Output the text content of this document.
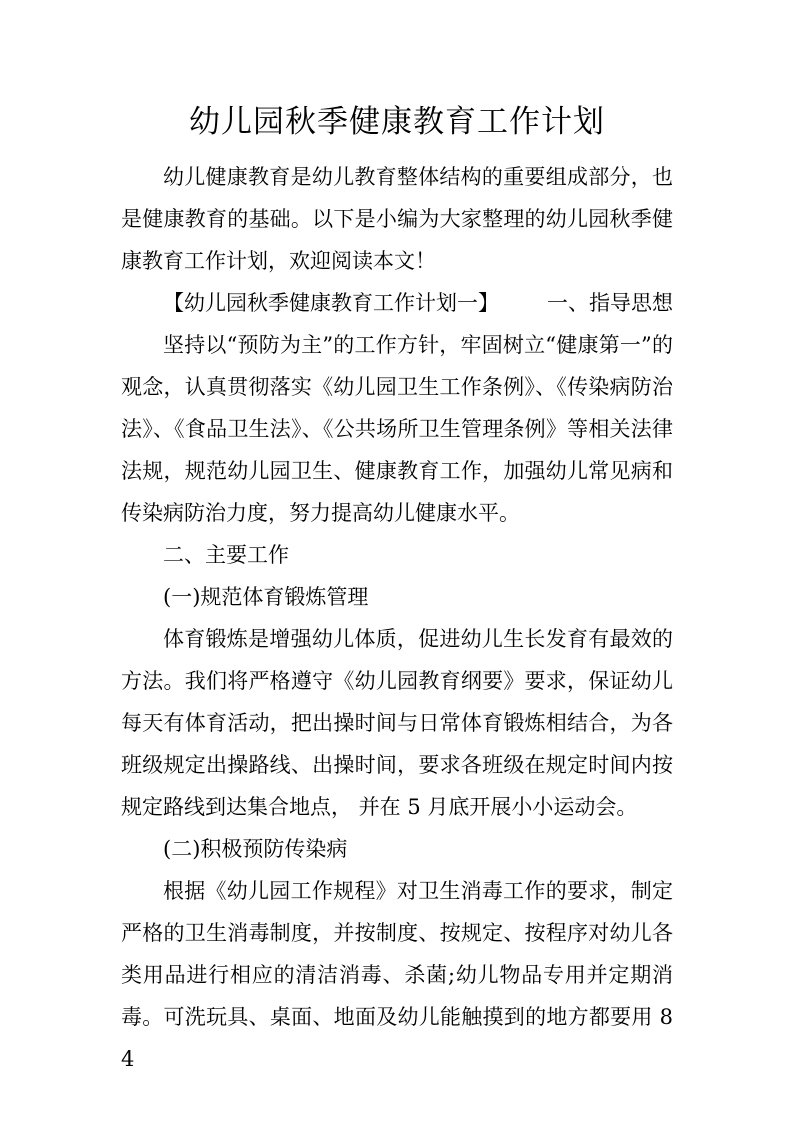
幼儿园秋季健康教育工作计划

幼儿健康教育是幼儿教育整体结构的重要组成部分，也是健康教育的基础。以下是小编为大家整理的幼儿园秋季健康教育工作计划，欢迎阅读本文！

【幼儿园秋季健康教育工作计划一】 一、指导思想

坚持以“预防为主”的工作方针，牢固树立“健康第一”的观念，认真贯彻落实《幼儿园卫生工作条例》、《传染病防治法》、《食品卫生法》、《公共场所卫生管理条例》等相关法律法规，规范幼儿园卫生、健康教育工作，加强幼儿常见病和传染病防治力度，努力提高幼儿健康水平。

二、主要工作

(一)规范体育锻炼管理

体育锻炼是增强幼儿体质，促进幼儿生长发育有最效的方法。我们将严格遵守《幼儿园教育纲要》要求，保证幼儿每天有体育活动，把出操时间与日常体育锻炼相结合，为各班级规定出操路线、出操时间，要求各班级在规定时间内按规定路线到达集合地点， 并在 5 月底开展小小运动会。

(二)积极预防传染病

根据《幼儿园工作规程》对卫生消毒工作的要求，制定严格的卫生消毒制度，并按制度、按规定、按程序对幼儿各类用品进行相应的清洁消毒、杀菌;幼儿物品专用并定期消毒。可洗玩具、桌面、地面及幼儿能触摸到的地方都要用 84
